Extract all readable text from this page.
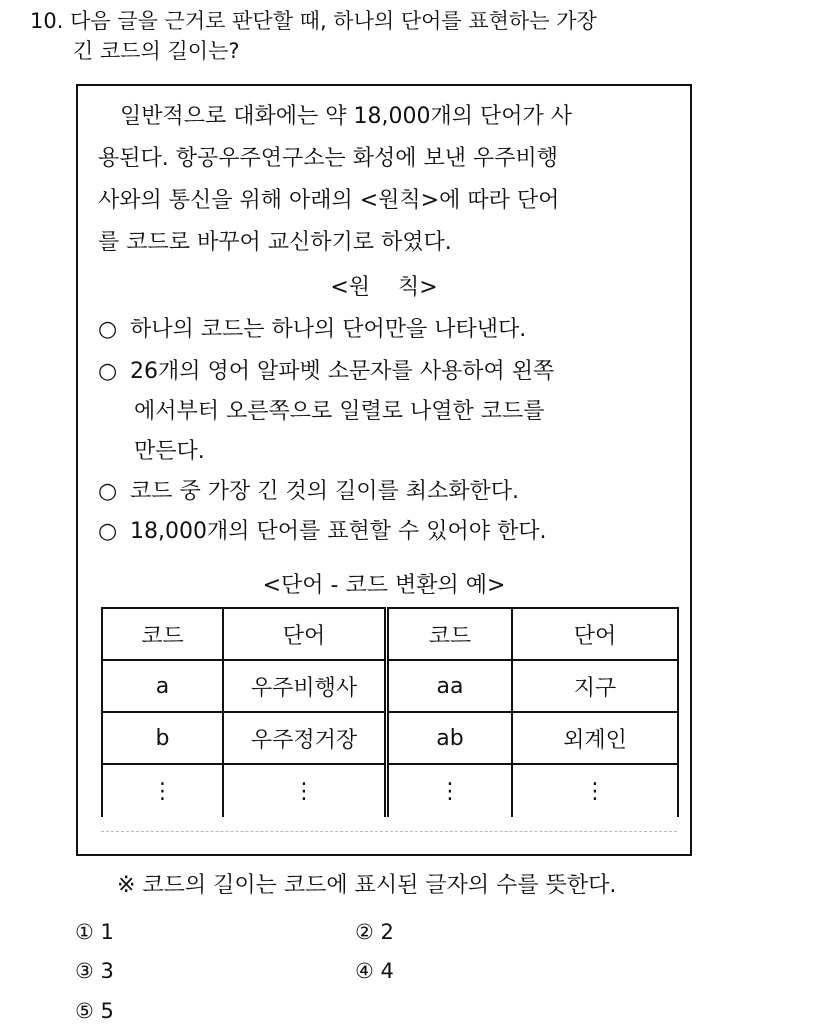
10. 다음 글을 근거로 판단할 때, 하나의 단어를 표현하는 가장
긴 코드의 길이는?
일반적으로 대화에는 약 18,000개의 단어가 사
용된다. 항공우주연구소는 화성에 보낸 우주비행
사와의 통신을 위해 아래의 <원칙>에 따라 단어
를 코드로 바꾸어 교신하기로 하였다.
<원    칙>
○ 하나의 코드는 하나의 단어만을 나타낸다.
○ 26개의 영어 알파벳 소문자를 사용하여 왼쪽
에서부터 오른쪽으로 일렬로 나열한 코드를
만든다.
○ 코드 중 가장 긴 것의 길이를 최소화한다.
○ 18,000개의 단어를 표현할 수 있어야 한다.
<단어 - 코드 변환의 예>
코드	단어	코드	단어
a	우주비행사	aa	지구
b	우주정거장	ab	외계인
⋮	⋮	⋮	⋮
※ 코드의 길이는 코드에 표시된 글자의 수를 뜻한다.
① 1	② 2
③ 3	④ 4
⑤ 5
